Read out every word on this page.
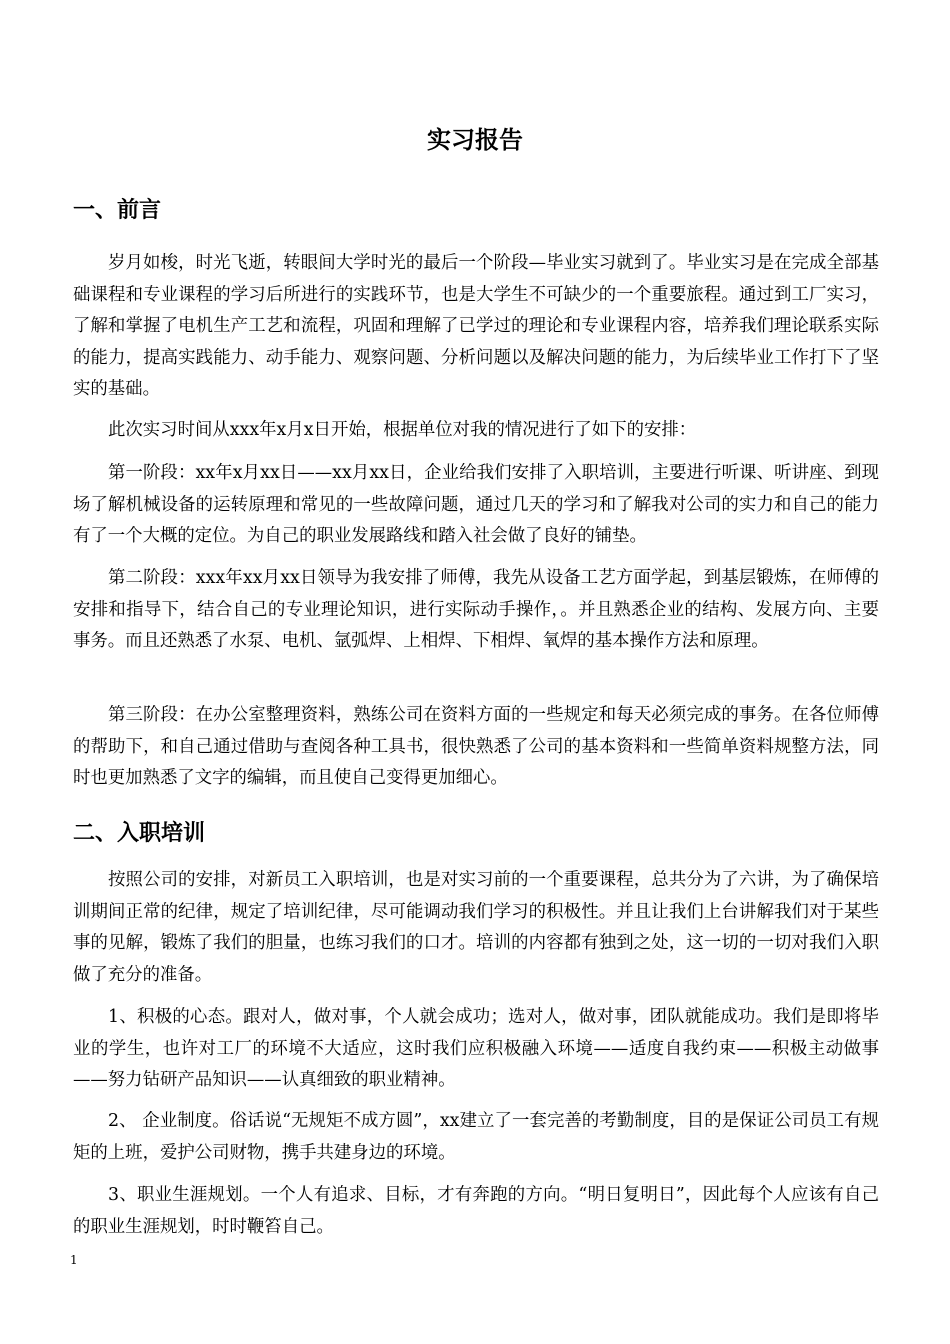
实习报告
一、前言
岁月如梭，时光飞逝，转眼间大学时光的最后一个阶段—毕业实习就到了。毕业实习是在完成全部基础课程和专业课程的学习后所进行的实践环节，也是大学生不可缺少的一个重要旅程。通过到工厂实习，了解和掌握了电机生产工艺和流程，巩固和理解了已学过的理论和专业课程内容，培养我们理论联系实际的能力，提高实践能力、动手能力、观察问题、分析问题以及解决问题的能力，为后续毕业工作打下了坚实的基础。
此次实习时间从xxx年x月x日开始，根据单位对我的情况进行了如下的安排：
第一阶段：xx年x月xx日——xx月xx日，企业给我们安排了入职培训，主要进行听课、听讲座、到现场了解机械设备的运转原理和常见的一些故障问题，通过几天的学习和了解我对公司的实力和自己的能力有了一个大概的定位。为自己的职业发展路线和踏入社会做了良好的铺垫。
第二阶段：xxx年xx月xx日领导为我安排了师傅，我先从设备工艺方面学起，到基层锻炼，在师傅的安排和指导下，结合自己的专业理论知识，进行实际动手操作，。并且熟悉企业的结构、发展方向、主要事务。而且还熟悉了水泵、电机、氩弧焊、上相焊、下相焊、氧焊的基本操作方法和原理。
第三阶段：在办公室整理资料，熟练公司在资料方面的一些规定和每天必须完成的事务。在各位师傅的帮助下，和自己通过借助与查阅各种工具书，很快熟悉了公司的基本资料和一些简单资料规整方法，同时也更加熟悉了文字的编辑，而且使自己变得更加细心。
二、入职培训
按照公司的安排，对新员工入职培训，也是对实习前的一个重要课程，总共分为了六讲，为了确保培训期间正常的纪律，规定了培训纪律，尽可能调动我们学习的积极性。并且让我们上台讲解我们对于某些事的见解，锻炼了我们的胆量，也练习我们的口才。培训的内容都有独到之处，这一切的一切对我们入职做了充分的准备。
1、积极的心态。跟对人，做对事，个人就会成功；选对人，做对事，团队就能成功。我们是即将毕业的学生，也许对工厂的环境不大适应，这时我们应积极融入环境——适度自我约束——积极主动做事——努力钻研产品知识——认真细致的职业精神。
2、 企业制度。俗话说“无规矩不成方圆”，xx建立了一套完善的考勤制度，目的是保证公司员工有规矩的上班，爱护公司财物，携手共建身边的环境。
3、职业生涯规划。一个人有追求、目标，才有奔跑的方向。“明日复明日”，因此每个人应该有自己的职业生涯规划，时时鞭笞自己。
1
